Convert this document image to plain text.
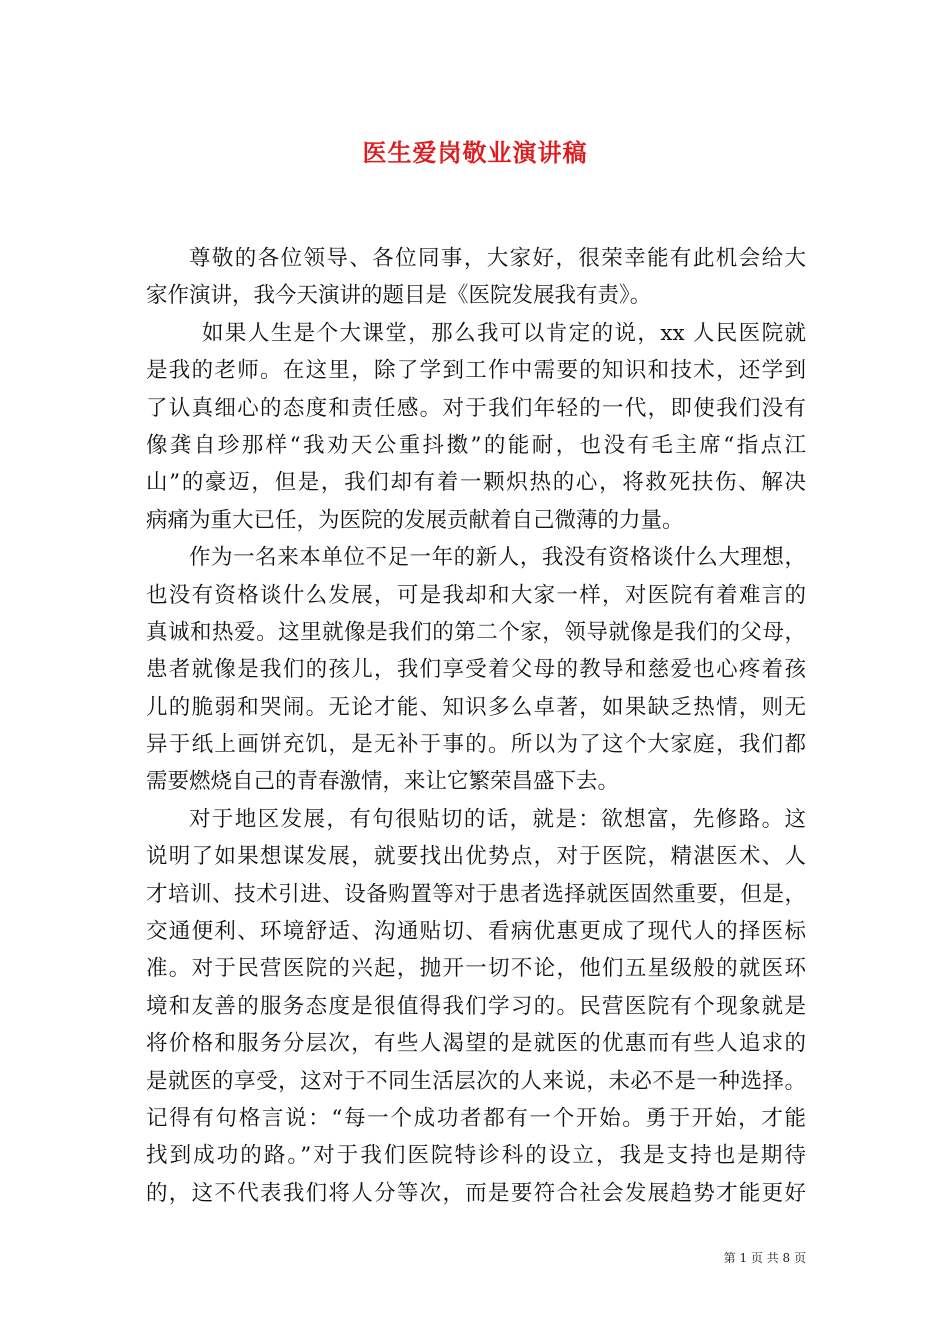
医生爱岗敬业演讲稿
尊敬的各位领导、各位同事，大家好，很荣幸能有此机会给大
家作演讲，我今天演讲的题目是《医院发展我有责》。
如果人生是个大课堂，那么我可以肯定的说，xx 人民医院就
是我的老师。在这里，除了学到工作中需要的知识和技术，还学到
了认真细心的态度和责任感。对于我们年轻的一代，即使我们没有
像龚自珍那样“我劝天公重抖擞”的能耐，也没有毛主席“指点江
山”的豪迈，但是，我们却有着一颗炽热的心，将救死扶伤、解决
病痛为重大已任，为医院的发展贡献着自己微薄的力量。
作为一名来本单位不足一年的新人，我没有资格谈什么大理想，
也没有资格谈什么发展，可是我却和大家一样，对医院有着难言的
真诚和热爱。这里就像是我们的第二个家，领导就像是我们的父母，
患者就像是我们的孩儿，我们享受着父母的教导和慈爱也心疼着孩
儿的脆弱和哭闹。无论才能、知识多么卓著，如果缺乏热情，则无
异于纸上画饼充饥，是无补于事的。所以为了这个大家庭，我们都
需要燃烧自己的青春激情，来让它繁荣昌盛下去。
对于地区发展，有句很贴切的话，就是：欲想富，先修路。这
说明了如果想谋发展，就要找出优势点，对于医院，精湛医术、人
才培训、技术引进、设备购置等对于患者选择就医固然重要，但是，
交通便利、环境舒适、沟通贴切、看病优惠更成了现代人的择医标
准。对于民营医院的兴起，抛开一切不论，他们五星级般的就医环
境和友善的服务态度是很值得我们学习的。民营医院有个现象就是
将价格和服务分层次，有些人渴望的是就医的优惠而有些人追求的
是就医的享受，这对于不同生活层次的人来说，未必不是一种选择。
记得有句格言说：“每一个成功者都有一个开始。勇于开始，才能
找到成功的路。”对于我们医院特诊科的设立，我是支持也是期待
的，这不代表我们将人分等次，而是要符合社会发展趋势才能更好
第 1 页 共 8 页
